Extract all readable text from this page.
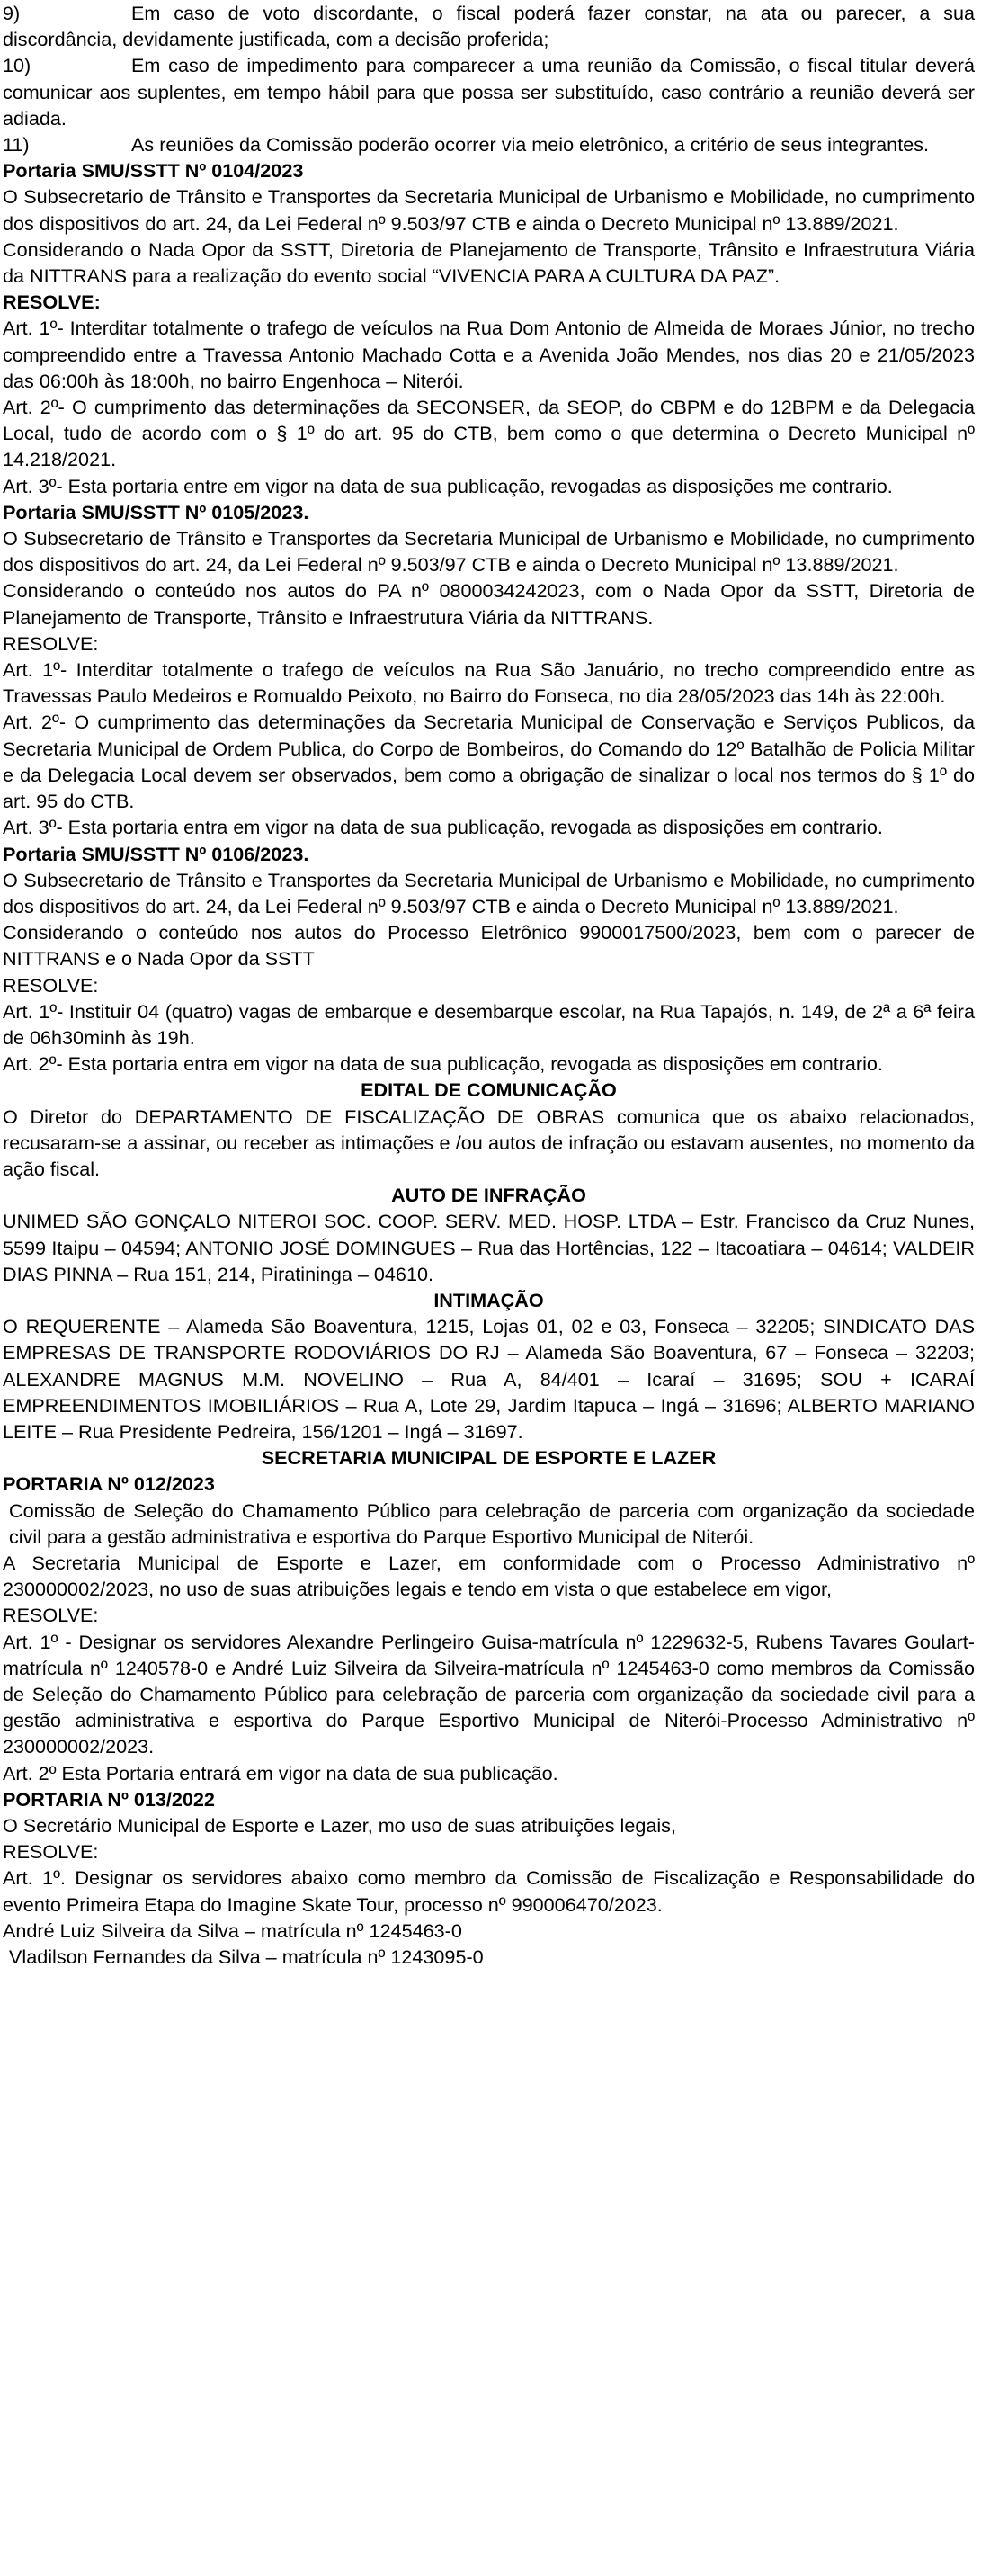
9)	Em caso de voto discordante, o fiscal poderá fazer constar, na ata ou parecer, a sua discordância, devidamente justificada, com a decisão proferida;

10)	Em caso de impedimento para comparecer a uma reunião da Comissão, o fiscal titular deverá comunicar aos suplentes, em tempo hábil para que possa ser substituído, caso contrário a reunião deverá ser adiada.

11)	As reuniões da Comissão poderão ocorrer via meio eletrônico, a critério de seus integrantes.

Portaria SMU/SSTT Nº 0104/2023

O Subsecretario de Trânsito e Transportes da Secretaria Municipal de Urbanismo e Mobilidade, no cumprimento dos dispositivos do art. 24, da Lei Federal nº 9.503/97 CTB e ainda o Decreto Municipal nº 13.889/2021.

Considerando o Nada Opor da SSTT, Diretoria de Planejamento de Transporte, Trânsito e Infraestrutura Viária da NITTRANS para a realização do evento social “VIVENCIA PARA A CULTURA DA PAZ”.

RESOLVE:

Art. 1º- Interditar totalmente o trafego de veículos na Rua Dom Antonio de Almeida de Moraes Júnior, no trecho compreendido entre a Travessa Antonio Machado Cotta e a Avenida João Mendes, nos dias 20 e 21/05/2023 das 06:00h às 18:00h, no bairro Engenhoca – Niterói.

Art. 2º- O cumprimento das determinações da SECONSER, da SEOP, do CBPM e do 12BPM e da Delegacia Local, tudo de acordo com o § 1º do art. 95 do CTB, bem como o que determina o Decreto Municipal nº 14.218/2021.

Art. 3º- Esta portaria entre em vigor na data de sua publicação, revogadas as disposições me contrario.

Portaria SMU/SSTT Nº 0105/2023.

O Subsecretario de Trânsito e Transportes da Secretaria Municipal de Urbanismo e Mobilidade, no cumprimento dos dispositivos do art. 24, da Lei Federal nº 9.503/97 CTB e ainda o Decreto Municipal nº 13.889/2021.

Considerando o conteúdo nos autos do PA nº 0800034242023, com o Nada Opor da SSTT, Diretoria de Planejamento de Transporte, Trânsito e Infraestrutura Viária da NITTRANS.

RESOLVE:

Art. 1º- Interditar totalmente o trafego de veículos na Rua São Januário, no trecho compreendido entre as Travessas Paulo Medeiros e Romualdo Peixoto, no Bairro do Fonseca, no dia 28/05/2023 das 14h às 22:00h.

Art. 2º- O cumprimento das determinações da Secretaria Municipal de Conservação e Serviços Publicos, da Secretaria Municipal de Ordem Publica, do Corpo de Bombeiros, do Comando do 12º Batalhão de Policia Militar e da Delegacia Local devem ser observados, bem como a obrigação de sinalizar o local nos termos do § 1º do art. 95 do CTB.

Art. 3º- Esta portaria entra em vigor na data de sua publicação, revogada as disposições em contrario.

Portaria SMU/SSTT Nº 0106/2023.

O Subsecretario de Trânsito e Transportes da Secretaria Municipal de Urbanismo e Mobilidade, no cumprimento dos dispositivos do art. 24, da Lei Federal nº 9.503/97 CTB e ainda o Decreto Municipal nº 13.889/2021.

Considerando o conteúdo nos autos do Processo Eletrônico 9900017500/2023, bem com o parecer de NITTRANS e o Nada Opor da SSTT

RESOLVE:

Art. 1º- Instituir 04 (quatro) vagas de embarque e desembarque escolar, na Rua Tapajós, n. 149, de 2ª a 6ª feira de 06h30minh às 19h.

Art. 2º- Esta portaria entra em vigor na data de sua publicação, revogada as disposições em contrario.

EDITAL DE COMUNICAÇÃO

O Diretor do DEPARTAMENTO DE FISCALIZAÇÃO DE OBRAS comunica que os abaixo relacionados, recusaram-se a assinar, ou receber as intimações e /ou autos de infração ou estavam ausentes, no momento da ação fiscal.

AUTO DE INFRAÇÃO

UNIMED SÃO GONÇALO NITEROI SOC. COOP. SERV. MED. HOSP. LTDA – Estr. Francisco da Cruz Nunes, 5599 Itaipu – 04594; ANTONIO JOSÉ DOMINGUES – Rua das Hortências, 122 – Itacoatiara – 04614; VALDEIR DIAS PINNA – Rua 151, 214, Piratininga – 04610.

INTIMAÇÃO

O REQUERENTE – Alameda São Boaventura, 1215, Lojas 01, 02 e 03, Fonseca – 32205; SINDICATO DAS EMPRESAS DE TRANSPORTE RODOVIÁRIOS DO RJ – Alameda São Boaventura, 67 – Fonseca – 32203; ALEXANDRE MAGNUS M.M. NOVELINO – Rua A, 84/401 – Icaraí – 31695; SOU + ICARAÍ EMPREENDIMENTOS IMOBILIÁRIOS – Rua A, Lote 29, Jardim Itapuca – Ingá – 31696; ALBERTO MARIANO LEITE – Rua Presidente Pedreira, 156/1201 – Ingá – 31697.

SECRETARIA MUNICIPAL DE ESPORTE E LAZER

PORTARIA Nº 012/2023

Comissão de Seleção do Chamamento Público para celebração de parceria com organização da sociedade civil para a gestão administrativa e esportiva do Parque Esportivo Municipal de Niterói.

A Secretaria Municipal de Esporte e Lazer, em conformidade com o Processo Administrativo nº 230000002/2023, no uso de suas atribuições legais e tendo em vista o que estabelece em vigor,

RESOLVE:

Art. 1º - Designar os servidores Alexandre Perlingeiro Guisa-matrícula nº 1229632-5, Rubens Tavares Goulart-matrícula nº 1240578-0 e André Luiz Silveira da Silveira-matrícula nº 1245463-0 como membros da Comissão de Seleção do Chamamento Público para celebração de parceria com organização da sociedade civil para a gestão administrativa e esportiva do Parque Esportivo Municipal de Niterói-Processo Administrativo nº 230000002/2023.

Art. 2º Esta Portaria entrará em vigor na data de sua publicação.

PORTARIA Nº 013/2022

O Secretário Municipal de Esporte e Lazer, mo uso de suas atribuições legais,

RESOLVE:

Art. 1º. Designar os servidores abaixo como membro da Comissão de Fiscalização e Responsabilidade do evento Primeira Etapa do Imagine Skate Tour, processo nº 990006470/2023.

André Luiz Silveira da Silva – matrícula nº 1245463-0

Vladilson Fernandes da Silva – matrícula nº 1243095-0
